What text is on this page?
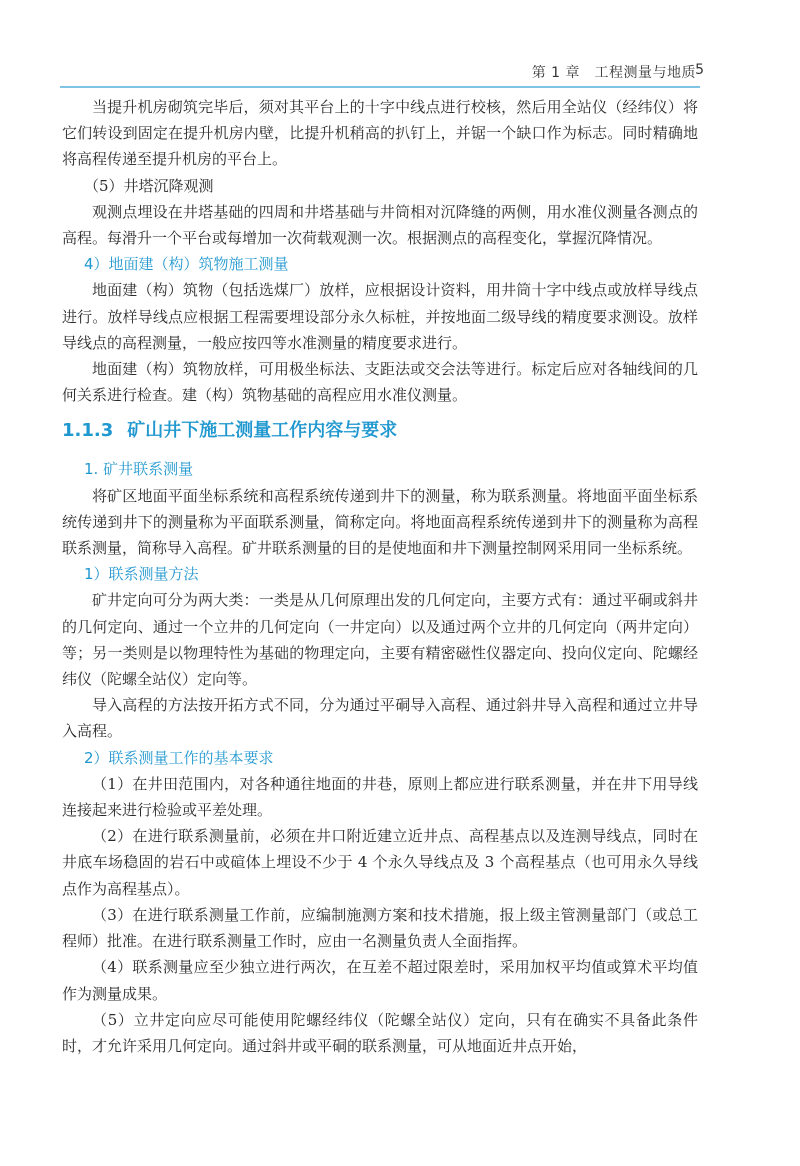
第 1 章　工程测量与地质 5

当提升机房砌筑完毕后，须对其平台上的十字中线点进行校核，然后用全站仪（经纬仪）将它们转设到固定在提升机房内壁，比提升机稍高的扒钉上，并锯一个缺口作为标志。同时精确地将高程传递至提升机房的平台上。

（5）井塔沉降观测

观测点埋设在井塔基础的四周和井塔基础与井筒相对沉降缝的两侧，用水准仪测量各测点的高程。每滑升一个平台或每增加一次荷载观测一次。根据测点的高程变化，掌握沉降情况。

4）地面建（构）筑物施工测量

地面建（构）筑物（包括选煤厂）放样，应根据设计资料，用井筒十字中线点或放样导线点进行。放样导线点应根据工程需要埋设部分永久标桩，并按地面二级导线的精度要求测设。放样导线点的高程测量，一般应按四等水准测量的精度要求进行。

地面建（构）筑物放样，可用极坐标法、支距法或交会法等进行。标定后应对各轴线间的几何关系进行检查。建（构）筑物基础的高程应用水准仪测量。

1.1.3 矿山井下施工测量工作内容与要求
1. 矿井联系测量

将矿区地面平面坐标系统和高程系统传递到井下的测量，称为联系测量。将地面平面坐标系统传递到井下的测量称为平面联系测量，简称定向。将地面高程系统传递到井下的测量称为高程联系测量，简称导入高程。矿井联系测量的目的是使地面和井下测量控制网采用同一坐标系统。

1）联系测量方法

矿井定向可分为两大类：一类是从几何原理出发的几何定向，主要方式有：通过平硐或斜井的几何定向、通过一个立井的几何定向（一井定向）以及通过两个立井的几何定向（两井定向）等；另一类则是以物理特性为基础的物理定向，主要有精密磁性仪器定向、投向仪定向、陀螺经纬仪（陀螺全站仪）定向等。

导入高程的方法按开拓方式不同，分为通过平硐导入高程、通过斜井导入高程和通过立井导入高程。

2）联系测量工作的基本要求

（1）在井田范围内，对各种通往地面的井巷，原则上都应进行联系测量，并在井下用导线连接起来进行检验或平差处理。

（2）在进行联系测量前，必须在井口附近建立近井点、高程基点以及连测导线点，同时在井底车场稳固的岩石中或碹体上埋设不少于 4 个永久导线点及 3 个高程基点（也可用永久导线点作为高程基点）。

（3）在进行联系测量工作前，应编制施测方案和技术措施，报上级主管测量部门（或总工程师）批准。在进行联系测量工作时，应由一名测量负责人全面指挥。

（4）联系测量应至少独立进行两次，在互差不超过限差时，采用加权平均值或算术平均值作为测量成果。

（5）立井定向应尽可能使用陀螺经纬仪（陀螺全站仪）定向，只有在确实不具备此条件时，才允许采用几何定向。通过斜井或平硐的联系测量，可从地面近井点开始，
